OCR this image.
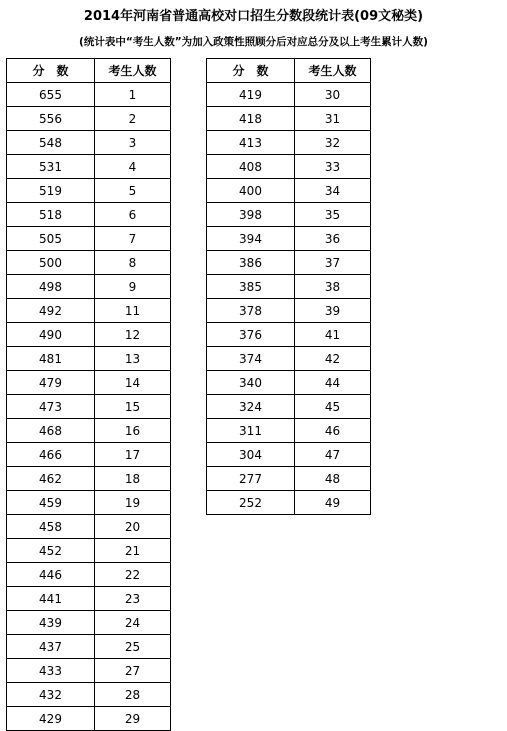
2014年河南省普通高校对口招生分数段统计表(09文秘类)
(统计表中“考生人数”为加入政策性照顾分后对应总分及以上考生累计人数)
分　数	考生人数
655	1
556	2
548	3
531	4
519	5
518	6
505	7
500	8
498	9
492	11
490	12
481	13
479	14
473	15
468	16
466	17
462	18
459	19
458	20
452	21
446	22
441	23
439	24
437	25
433	27
432	28
429	29
分　数	考生人数
419	30
418	31
413	32
408	33
400	34
398	35
394	36
386	37
385	38
378	39
376	41
374	42
340	44
324	45
311	46
304	47
277	48
252	49
